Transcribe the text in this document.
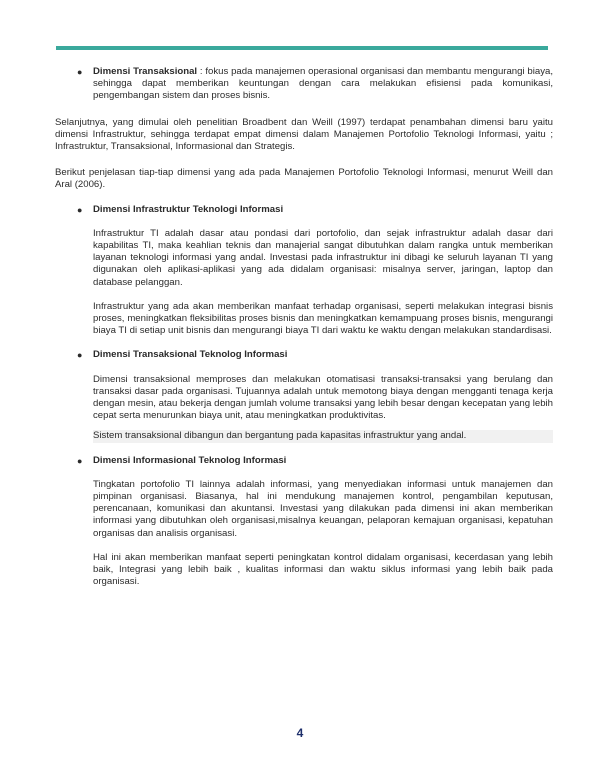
● Dimensi Transaksional : fokus pada manajemen operasional organisasi dan membantu mengurangi biaya, sehingga dapat memberikan keuntungan dengan cara melakukan efisiensi pada komunikasi, pengembangan sistem dan proses bisnis.

Selanjutnya, yang dimulai oleh penelitian Broadbent dan Weill (1997) terdapat penambahan dimensi baru yaitu dimensi Infrastruktur, sehingga terdapat empat dimensi dalam Manajemen Portofolio Teknologi Informasi, yaitu ; Infrastruktur, Transaksional, Informasional dan Strategis.

Berikut penjelasan tiap-tiap dimensi yang ada pada Manajemen Portofolio Teknologi Informasi, menurut Weill dan Aral (2006).

● Dimensi Infrastruktur Teknologi Informasi

Infrastruktur TI adalah dasar atau pondasi dari portofolio, dan sejak infrastruktur adalah dasar dari kapabilitas TI, maka keahlian teknis dan manajerial sangat dibutuhkan dalam rangka untuk memberikan layanan teknologi informasi yang andal. Investasi pada infrastruktur ini dibagi ke seluruh layanan TI yang digunakan oleh aplikasi-aplikasi yang ada didalam organisasi: misalnya server, jaringan, laptop dan database pelanggan.

Infrastruktur yang ada akan memberikan manfaat terhadap organisasi, seperti melakukan integrasi bisnis proses, meningkatkan fleksibilitas proses bisnis dan meningkatkan kemampuang proses bisnis, mengurangi biaya TI di setiap unit bisnis dan mengurangi biaya TI dari waktu ke waktu dengan melakukan standardisasi.

● Dimensi Transaksional Teknolog Informasi

Dimensi transaksional memproses dan melakukan otomatisasi transaksi-transaksi yang berulang dan transaksi dasar pada organisasi. Tujuannya adalah untuk memotong biaya dengan mengganti tenaga kerja dengan mesin, atau bekerja dengan jumlah volume transaksi yang lebih besar dengan kecepatan yang lebih cepat serta menurunkan biaya unit, atau meningkatkan produktivitas.

Sistem transaksional dibangun dan bergantung pada kapasitas infrastruktur yang andal.

● Dimensi Informasional Teknolog Informasi

Tingkatan portofolio TI lainnya adalah informasi, yang menyediakan informasi untuk manajemen dan pimpinan organisasi. Biasanya, hal ini mendukung manajemen kontrol, pengambilan keputusan, perencanaan, komunikasi dan akuntansi. Investasi yang dilakukan pada dimensi ini akan memberikan informasi yang dibutuhkan oleh organisasi,misalnya keuangan, pelaporan kemajuan organisasi, kepatuhan organisas dan analisis organisasi.

Hal ini akan memberikan manfaat seperti peningkatan kontrol didalam organisasi, kecerdasan yang lebih baik, Integrasi yang lebih baik , kualitas informasi dan waktu siklus informasi yang lebih baik pada organisasi.

4
